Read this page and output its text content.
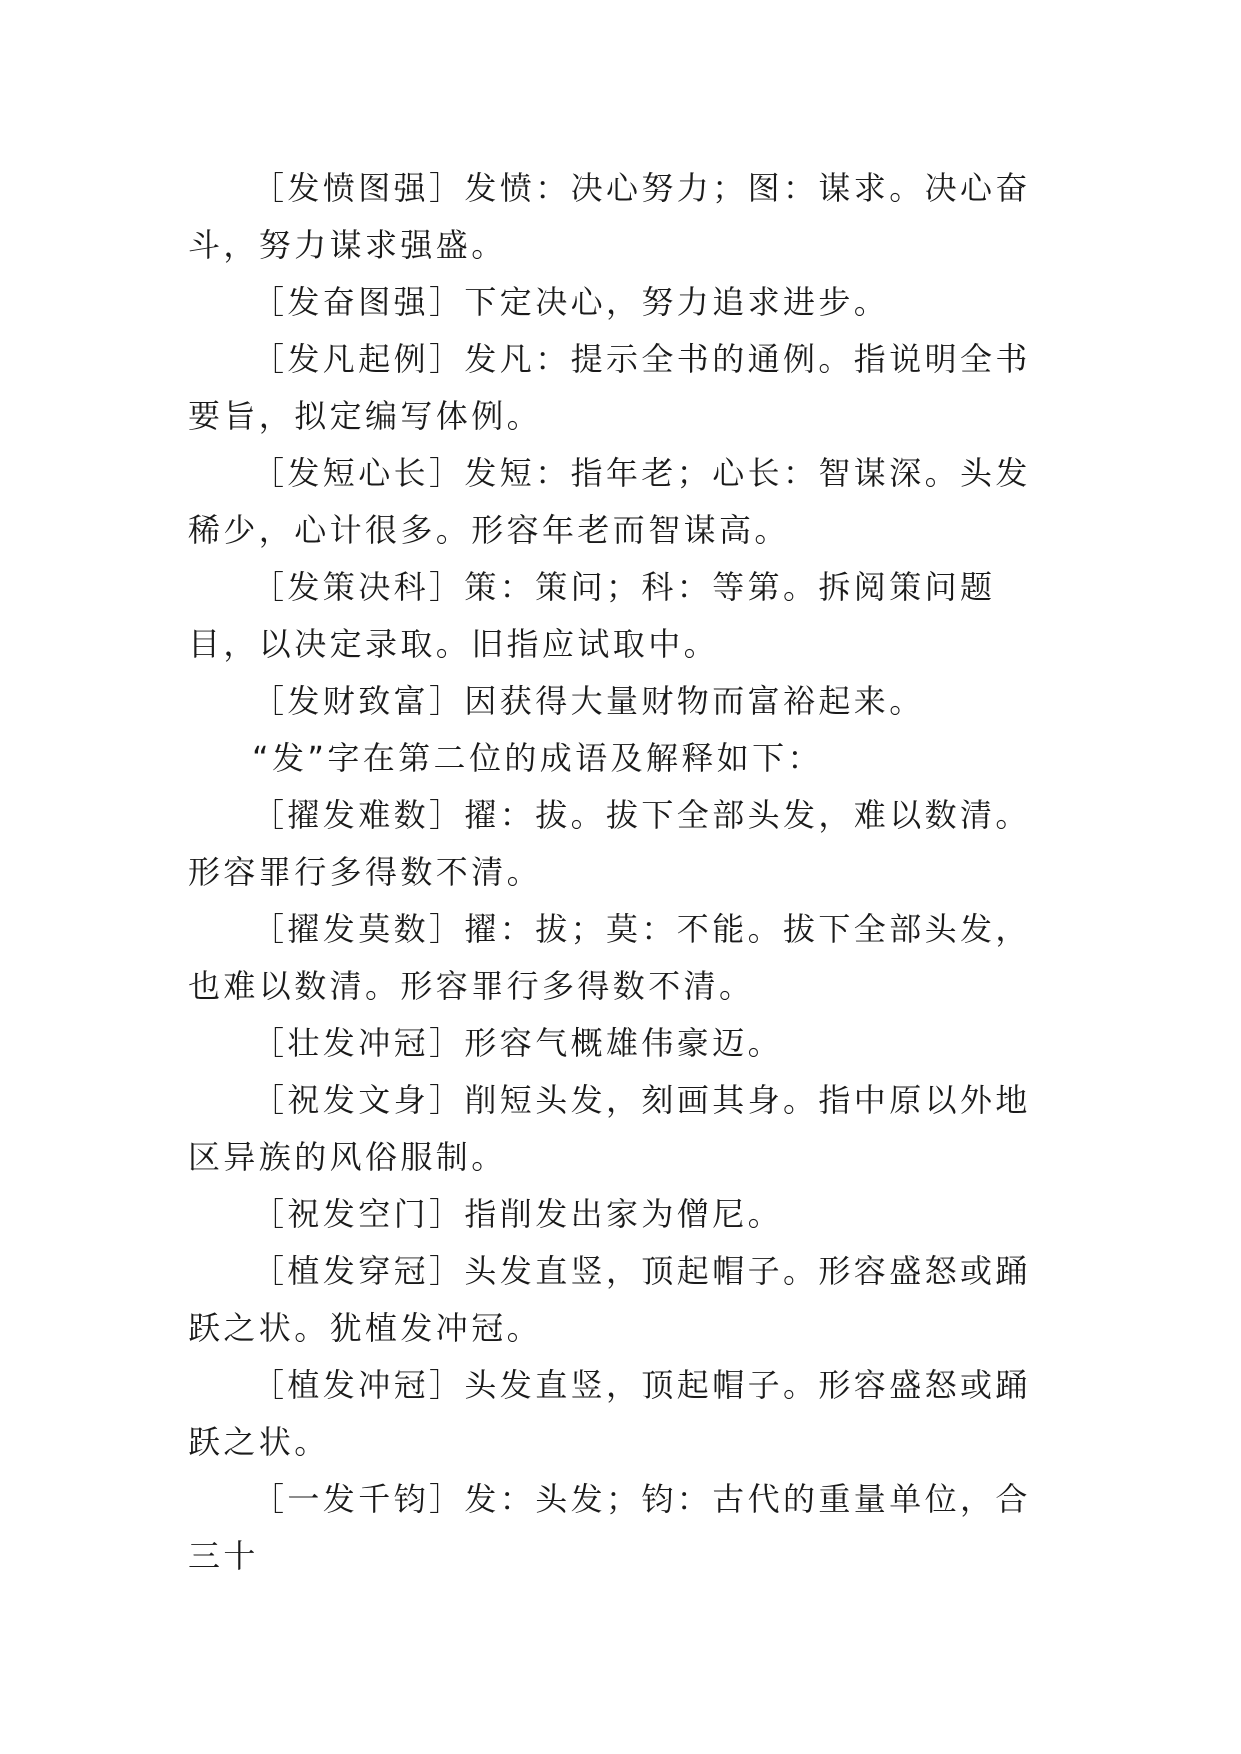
［发愤图强］发愤：决心努力；图：谋求。决心奋斗，努力谋求强盛。

［发奋图强］下定决心，努力追求进步。

［发凡起例］发凡：提示全书的通例。指说明全书要旨，拟定编写体例。

［发短心长］发短：指年老；心长：智谋深。头发稀少，心计很多。形容年老而智谋高。

［发策决科］策：策问；科：等第。拆阅策问题目，以决定录取。旧指应试取中。

［发财致富］因获得大量财物而富裕起来。

“发”字在第二位的成语及解释如下：

［擢发难数］擢：拔。拔下全部头发，难以数清。形容罪行多得数不清。

［擢发莫数］擢：拔；莫：不能。拔下全部头发，也难以数清。形容罪行多得数不清。

［壮发冲冠］形容气概雄伟豪迈。

［祝发文身］削短头发，刻画其身。指中原以外地区异族的风俗服制。

［祝发空门］指削发出家为僧尼。

［植发穿冠］头发直竖，顶起帽子。形容盛怒或踊跃之状。犹植发冲冠。

［植发冲冠］头发直竖，顶起帽子。形容盛怒或踊跃之状。

［一发千钧］发：头发；钧：古代的重量单位，合三十
